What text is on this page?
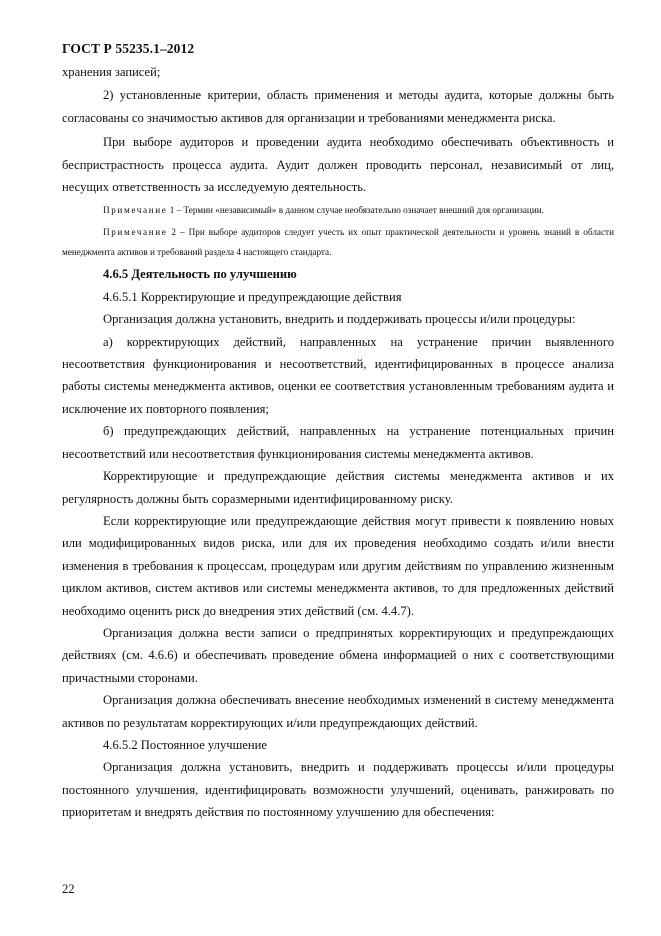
ГОСТ Р 55235.1–2012

хранения записей;

2) установленные критерии, область применения и методы аудита, которые должны быть согласованы со значимостью активов для организации и требованиями менеджмента риска.

При выборе аудиторов и проведении аудита необходимо обеспечивать объективность и беспристрастность процесса аудита. Аудит должен проводить персонал, независимый от лиц, несущих ответственность за исследуемую деятельность.

Примечание 1 – Термин «независимый» в данном случае необязательно означает внешний для организации.

Примечание 2 – При выборе аудиторов следует учесть их опыт практической деятельности и уровень знаний в области менеджмента активов и требований раздела 4 настоящего стандарта.

4.6.5 Деятельность по улучшению

4.6.5.1 Корректирующие и предупреждающие действия

Организация должна установить, внедрить и поддерживать процессы и/или процедуры:

а) корректирующих действий, направленных на устранение причин выявленного несоответствия функционирования и несоответствий, идентифицированных в процессе анализа работы системы менеджмента активов, оценки ее соответствия установленным требованиям аудита и исключение их повторного появления;

б) предупреждающих действий, направленных на устранение потенциальных причин несоответствий или несоответствия функционирования системы менеджмента активов.

Корректирующие и предупреждающие действия системы менеджмента активов и их регулярность должны быть соразмерными идентифицированному риску.

Если корректирующие или предупреждающие действия могут привести к появлению новых или модифицированных видов риска, или для их проведения необходимо создать и/или внести изменения в требования к процессам, процедурам или другим действиям по управлению жизненным циклом активов, систем активов или системы менеджмента активов, то для предложенных действий необходимо оценить риск до внедрения этих действий (см. 4.4.7).

Организация должна вести записи о предпринятых корректирующих и предупреждающих действиях (см. 4.6.6) и обеспечивать проведение обмена информацией о них с соответствующими причастными сторонами.

Организация должна обеспечивать внесение необходимых изменений в систему менеджмента активов по результатам корректирующих и/или предупреждающих действий.

4.6.5.2 Постоянное улучшение

Организация должна установить, внедрить и поддерживать процессы и/или процедуры постоянного улучшения, идентифицировать возможности улучшений, оценивать, ранжировать по приоритетам и внедрять действия по постоянному улучшению для обеспечения:

22
